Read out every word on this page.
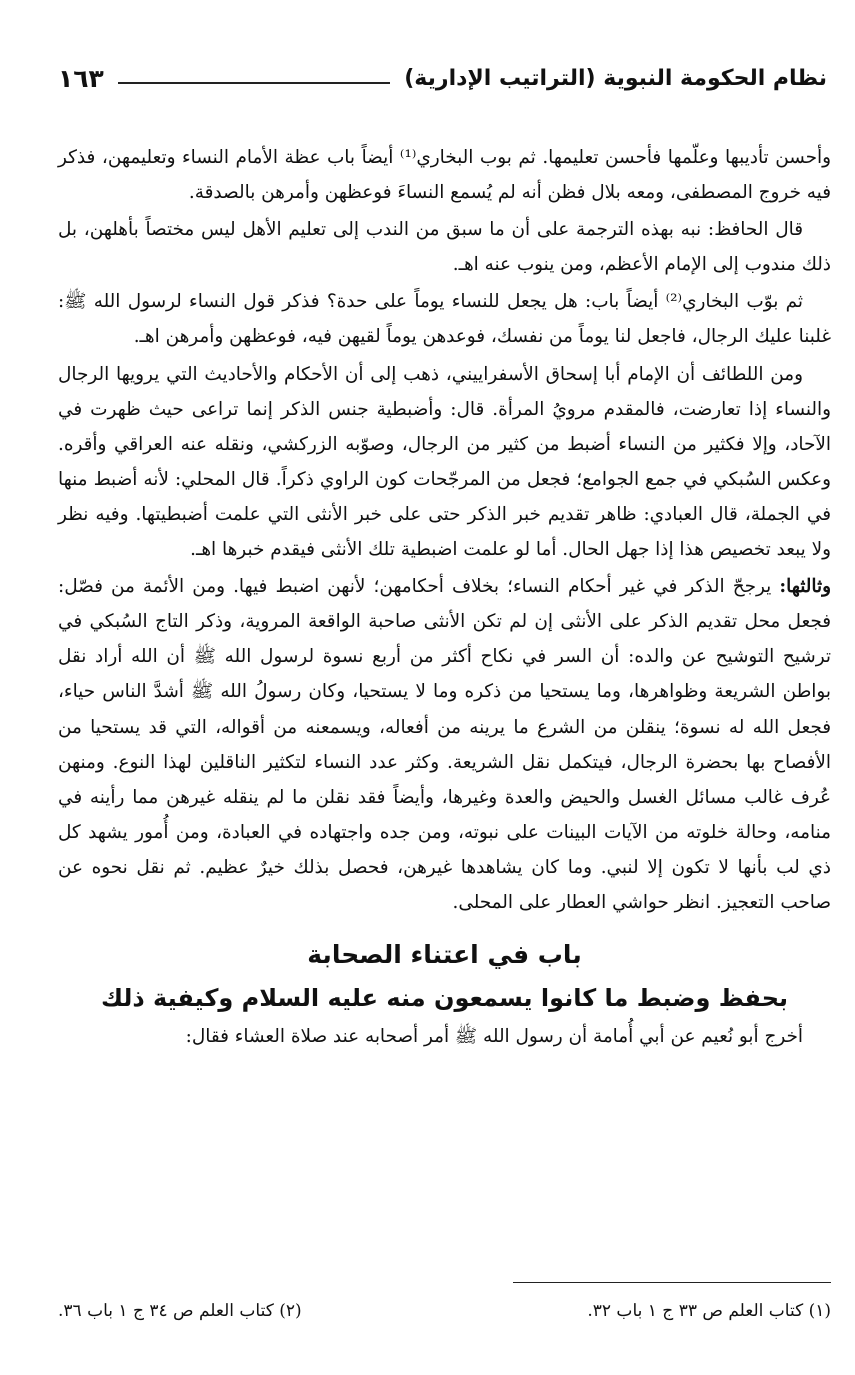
نظام الحكومة النبوية (التراتيب الإدارية)
١٦٣

وأحسن تأديبها وعلّمها فأحسن تعليمها. ثم بوب البخاري⁽¹⁾ أيضاً باب عظة الأمام النساء وتعليمهن، فذكر فيه خروج المصطفى، ومعه بلال فظن أنه لم يُسمع النساءَ فوعظهن وأمرهن بالصدقة.

قال الحافظ: نبه بهذه الترجمة على أن ما سبق من الندب إلى تعليم الأهل ليس مختصاً بأهلهن، بل ذلك مندوب إلى الإمام الأعظم، ومن ينوب عنه اهـ.

ثم بوّب البخاري⁽²⁾ أيضاً باب: هل يجعل للنساء يوماً على حدة؟ فذكر قول النساء لرسول الله ﷺ: غلبنا عليك الرجال، فاجعل لنا يوماً من نفسك، فوعدهن يوماً لقيهن فيه، فوعظهن وأمرهن اهـ.

ومن اللطائف أن الإمام أبا إسحاق الأسفراييني، ذهب إلى أن الأحكام والأحاديث التي يرويها الرجال والنساء إذا تعارضت، فالمقدم مرويُ المرأة. قال: وأضبطية جنس الذكر إنما تراعى حيث ظهرت في الآحاد، وإلا فكثير من النساء أضبط من كثير من الرجال، وصوّبه الزركشي، ونقله عنه العراقي وأقره. وعكس السُبكي في جمع الجوامع؛ فجعل من المرجّحات كون الراوي ذكراً. قال المحلي: لأنه أضبط منها في الجملة، قال العبادي: ظاهر تقديم خبر الذكر حتى على خبر الأنثى التي علمت أضبطيتها. وفيه نظر ولا يبعد تخصيص هذا إذا جهل الحال. أما لو علمت اضبطية تلك الأنثى فيقدم خبرها اهـ.

وثالثها: يرجحّ الذكر في غير أحكام النساء؛ بخلاف أحكامهن؛ لأنهن اضبط فيها. ومن الأئمة من فصّل: فجعل محل تقديم الذكر على الأنثى إن لم تكن الأنثى صاحبة الواقعة المروية، وذكر التاج السُبكي في ترشيح التوشيح عن والده: أن السر في نكاح أكثر من أربع نسوة لرسول الله ﷺ أن الله أراد نقل بواطن الشريعة وظواهرها، وما يستحيا من ذكره وما لا يستحيا، وكان رسولُ الله ﷺ أشدَّ الناس حياء، فجعل الله له نسوة؛ ينقلن من الشرع ما يرينه من أفعاله، ويسمعنه من أقواله، التي قد يستحيا من الأفصاح بها بحضرة الرجال، فيتكمل نقل الشريعة. وكثر عدد النساء لتكثير الناقلين لهذا النوع. ومنهن عُرف غالب مسائل الغسل والحيض والعدة وغيرها، وأيضاً فقد نقلن ما لم ينقله غيرهن مما رأينه في منامه، وحالة خلوته من الآيات البينات على نبوته، ومن جده واجتهاده في العبادة، ومن أُمور يشهد كل ذي لب بأنها لا تكون إلا لنبي. وما كان يشاهدها غيرهن، فحصل بذلك خيرٌ عظيم. ثم نقل نحوه عن صاحب التعجيز. انظر حواشي العطار على المحلى.

باب في اعتناء الصحابة
بحفظ وضبط ما كانوا يسمعون منه عليه السلام وكيفية ذلك

أخرج أبو نُعيم عن أبي أُمامة أن رسول الله ﷺ أمر أصحابه عند صلاة العشاء فقال:

(١) كتاب العلم ص ٣٣ ج ١ باب ٣٢.
(٢) كتاب العلم ص ٣٤ ج ١ باب ٣٦.
